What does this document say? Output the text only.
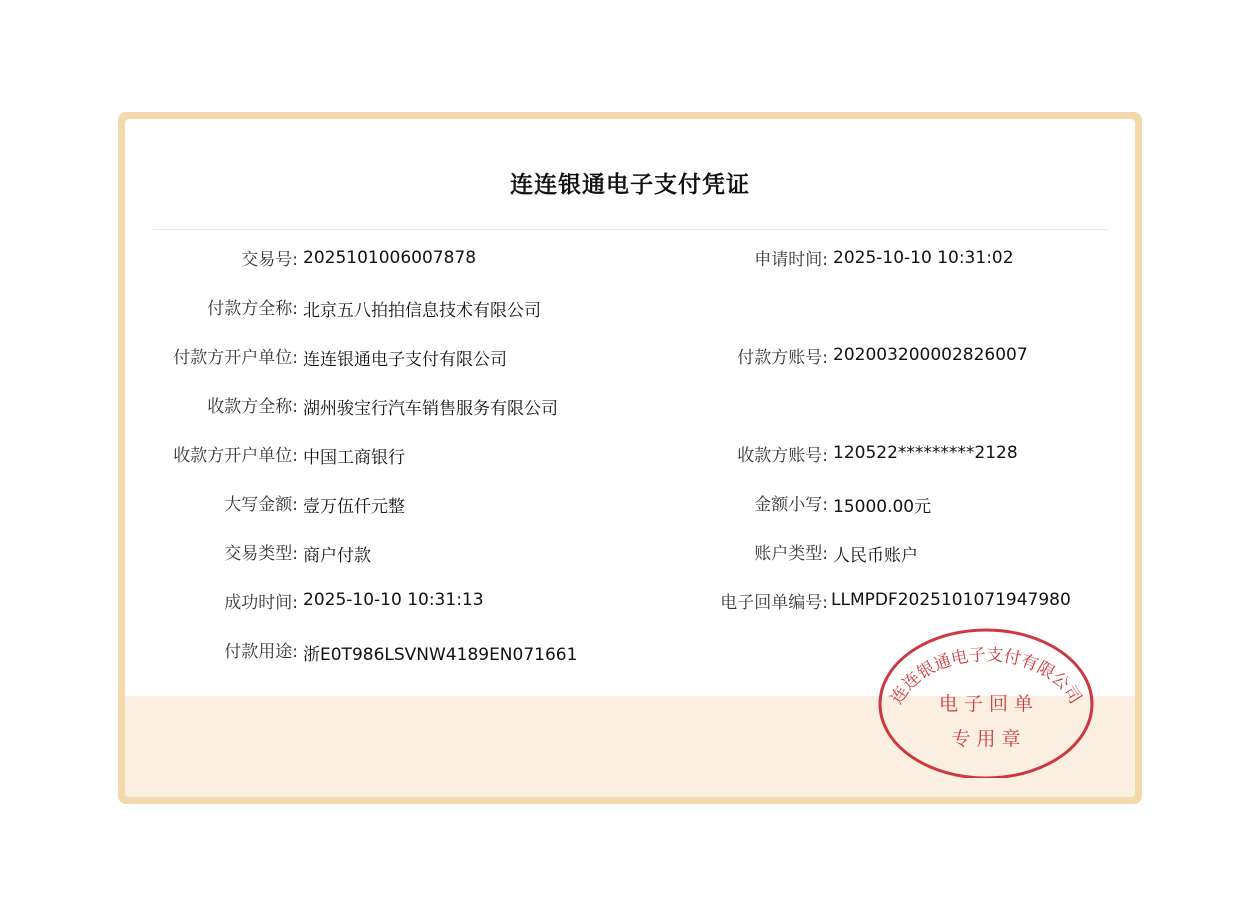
连连银通电子支付凭证
交易号: 2025101006007878	申请时间: 2025-10-10 10:31:02
付款方全称: 北京五八拍拍信息技术有限公司
付款方开户单位: 连连银通电子支付有限公司	付款方账号: 202003200002826007
收款方全称: 湖州骏宝行汽车销售服务有限公司
收款方开户单位: 中国工商银行	收款方账号: 120522*********2128
大写金额: 壹万伍仟元整	金额小写: 15000.00元
交易类型: 商户付款	账户类型: 人民币账户
成功时间: 2025-10-10 10:31:13	电子回单编号: LLMPDF2025101071947980
付款用途: 浙E0T986LSVNW4189EN071661
连连银通电子支付有限公司
电 子 回 单
专 用 章
